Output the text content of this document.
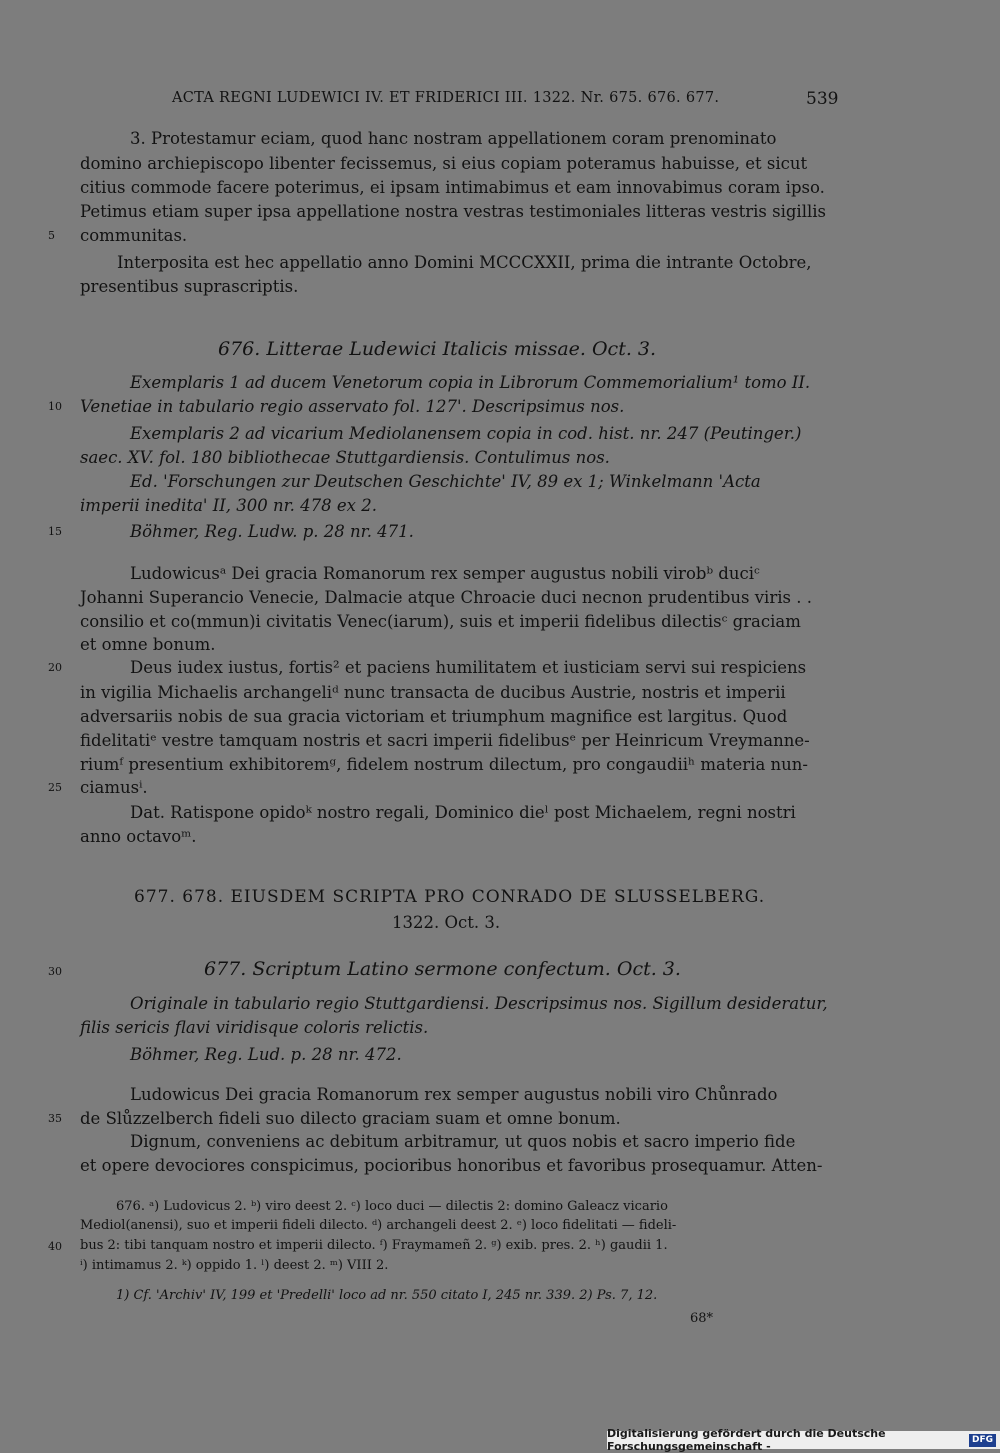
ACTA REGNI LUDEWICI IV. ET FRIDERICI III. 1322. Nr. 675. 676. 677.	539
3. Protestamur eciam, quod hanc nostram appellationem coram prenominato
domino archiepiscopo libenter fecissemus, si eius copiam poteramus habuisse, et sicut
citius commode facere poterimus, ei ipsam intimabimus et eam innovabimus coram ipso.
Petimus etiam super ipsa appellatione nostra vestras testimoniales litteras vestris sigillis
5 communitas.
Interposita est hec appellatio anno Domini MCCCXXII, prima die intrante Octobre,
presentibus suprascriptis.
676. Litterae Ludewici Italicis missae. Oct. 3.
Exemplaris 1 ad ducem Venetorum copia in Librorum Commemorialium¹ tomo II.
10 Venetiae in tabulario regio asservato fol. 127'. Descripsimus nos.
Exemplaris 2 ad vicarium Mediolanensem copia in cod. hist. nr. 247 (Peutinger.)
saec. XV. fol. 180 bibliothecae Stuttgardiensis. Contulimus nos.
Ed. 'Forschungen zur Deutschen Geschichte' IV, 89 ex 1; Winkelmann 'Acta
imperii inedita' II, 300 nr. 478 ex 2.
15	Böhmer, Reg. Ludw. p. 28 nr. 471.
Ludowicusᵃ Dei gracia Romanorum rex semper augustus nobili virobᵇ duciᶜ
Johanni Superancio Venecie, Dalmacie atque Chroacie duci necnon prudentibus viris . .
consilio et co(mmun)i civitatis Venec(iarum), suis et imperii fidelibus dilectisᶜ graciam
et omne bonum.
20	Deus iudex iustus, fortis² et paciens humilitatem et iusticiam servi sui respiciens
in vigilia Michaelis archangeliᵈ nunc transacta de ducibus Austrie, nostris et imperii
adversariis nobis de sua gracia victoriam et triumphum magnifice est largitus. Quod
fidelitatiᵉ vestre tamquam nostris et sacri imperii fidelibusᵉ per Heinricum Vreymanne-
riumᶠ presentium exhibitoremᵍ, fidelem nostrum dilectum, pro congaudiiʰ materia nun-
25 ciamusⁱ.
Dat. Ratispone opidoᵏ nostro regali, Dominico dieˡ post Michaelem, regni nostri
anno octavoᵐ.
677. 678. EIUSDEM SCRIPTA PRO CONRADO DE SLUSSELBERG.
1322. Oct. 3.
30	677. Scriptum Latino sermone confectum. Oct. 3.
Originale in tabulario regio Stuttgardiensi. Descripsimus nos. Sigillum desideratur,
filis sericis flavi viridisque coloris relictis.
Böhmer, Reg. Lud. p. 28 nr. 472.
Ludowicus Dei gracia Romanorum rex semper augustus nobili viro Chůnrado
35 de Slůzzelberch fideli suo dilecto graciam suam et omne bonum.
Dignum, conveniens ac debitum arbitramur, ut quos nobis et sacro imperio fide
et opere devociores conspicimus, pocioribus honoribus et favoribus prosequamur. Atten-
676. ᵃ) Ludovicus 2. ᵇ) viro deest 2. ᶜ) loco duci — dilectis 2: domino Galeacz vicario
Mediol(anensi), suo et imperii fideli dilecto. ᵈ) archangeli deest 2. ᵉ) loco fidelitati — fideli-
40 bus 2: tibi tanquam nostro et imperii dilecto. ᶠ) Fraymameñ 2. ᵍ) exib. pres. 2. ʰ) gaudii 1.
ⁱ) intimamus 2. ᵏ) oppido 1. ˡ) deest 2. ᵐ) VIII 2.
1) Cf. 'Archiv' IV, 199 et 'Predelli' loco ad nr. 550 citato I, 245 nr. 339. 2) Ps. 7, 12.
68*
Digitalisierung gefördert durch die Deutsche Forschungsgemeinschaft -
DFG
